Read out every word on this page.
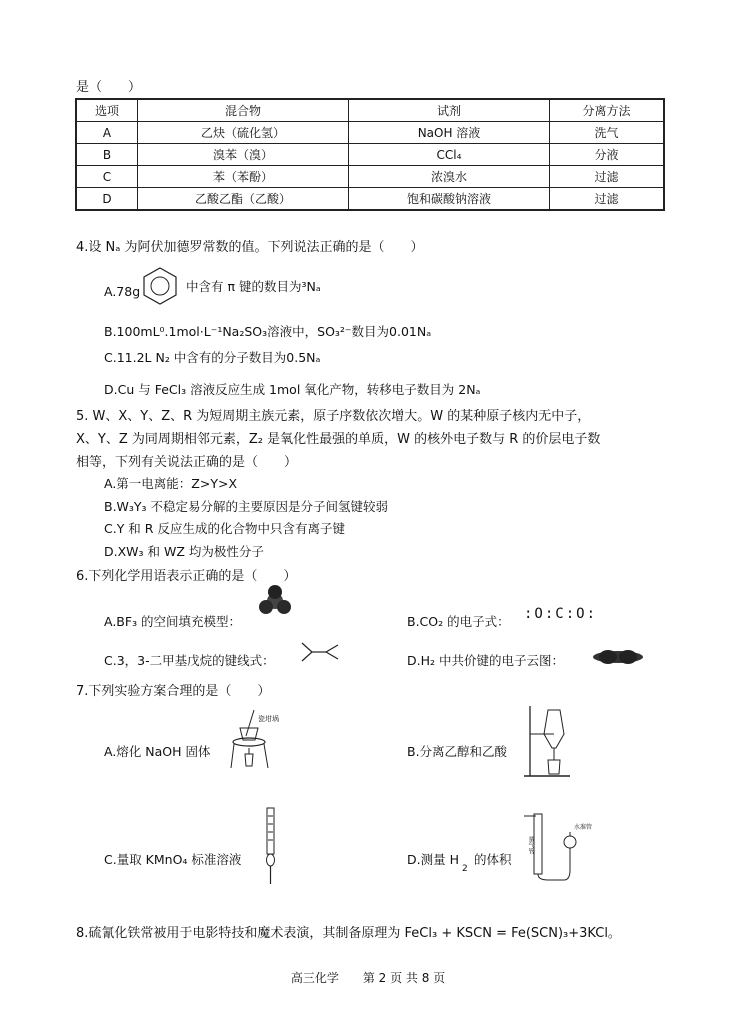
是（　　）
选项	混合物	试剂	分离方法
A	乙炔（硫化氢）	NaOH 溶液	洗气
B	溴苯（溴）	CCl₄	分液
C	苯（苯酚）	浓溴水	过滤
D	乙酸乙酯（乙酸）	饱和碳酸钠溶液	过滤
4.设 Nₐ 为阿伏加德罗常数的值。下列说法正确的是（　　）
A.78g	中含有 π 键的数目为³Nₐ
B.100mL⁰.1mol·L⁻¹Na₂SO₃溶液中，SO₃²⁻数目为0.01Nₐ
C.11.2L N₂ 中含有的分子数目为0.5Nₐ
D.Cu 与 FeCl₃ 溶液反应生成 1mol 氧化产物，转移电子数目为 2Nₐ
5. W、X、Y、Z、R 为短周期主族元素，原子序数依次增大。W 的某种原子核内无中子，
X、Y、Z 为同周期相邻元素，Z₂ 是氧化性最强的单质，W 的核外电子数与 R 的价层电子数
相等，下列有关说法正确的是（　　）
A.第一电离能：Z>Y>X
B.W₃Y₃ 不稳定易分解的主要原因是分子间氢键较弱
C.Y 和 R 反应生成的化合物中只含有离子键
D.XW₃ 和 WZ 均为极性分子
6.下列化学用语表示正确的是（　　）
A.BF₃ 的空间填充模型：	B.CO₂ 的电子式： :O:C:O:
C.3，3-二甲基戊烷的键线式：	D.H₂ 中共价键的电子云图：
7.下列实验方案合理的是（　　）
A.熔化 NaOH 固体
瓷坩埚
B.分离乙醇和乙酸
C.量取 KMnO₄ 标准溶液	D.测量 H
2
的体积
量气管
水准管
8.硫氰化铁常被用于电影特技和魔术表演，其制备原理为 FeCl₃ + KSCN = Fe(SCN)₃+3KCl。
高三化学　　第 2 页 共 8 页
